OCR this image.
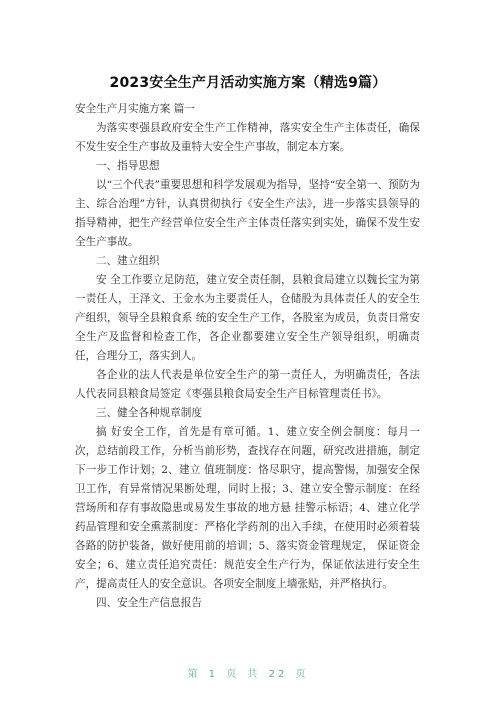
2023安全生产月活动实施方案（精选9篇）

安全生产月实施方案 篇一

为落实枣强县政府安全生产工作精神，落实安全生产主体责任，确保不发生安全生产事故及重特大安全生产事故，制定本方案。

一、指导思想

以“三个代表”重要思想和科学发展观为指导，坚持“安全第一、预防为主、综合治理”方针，认真贯彻执行《安全生产法》，进一步落实县领导的指导精神，把生产经营单位安全生产主体责任落实到实处，确保不发生安全生产事故。

二、建立组织

安 全工作要立足防范，建立安全责任制，县粮食局建立以魏长宝为第一责任人，王泽文、王金水为主要责任人，仓储股为具体责任人的安全生产组织，领导全县粮食系 统的安全生产工作，各股室为成员，负责日常安全生产及监督和检查工作，各企业都要建立安全生产领导组织，明确责任，合理分工，落实到人。

各企业的法人代表是单位安全生产的第一责任人，为明确责任，各法人代表同县粮食局签定《枣强县粮食局安全生产目标管理责任书》。

三、健全各种规章制度

搞 好安全工作，首先是有章可循。1、建立安全例会制度：每月一次，总结前段工作，分析当前形势，查找存在问题，研究改进措施，制定下一步工作计划；2、建立 值班制度：恪尽职守，提高警惕，加强安全保卫工作，有异常情况果断处理，同时上报；3、建立安全警示制度：在经营场所和存有事故隐患或易发生事故的地方悬 挂警示标语；4、建立化学药品管理和安全熏蒸制度：严格化学药剂的出入手续，在使用时必须着装各路的防护装备，做好使用前的培训；5、落实资金管理规定， 保证资金安全；6、建立责任追究责任：规范安全生产行为，保证依法进行安全生产，提高责任人的安全意识。各项安全制度上墙张贴，并严格执行。

四、安全生产信息报告

第 1 页 共 22 页
